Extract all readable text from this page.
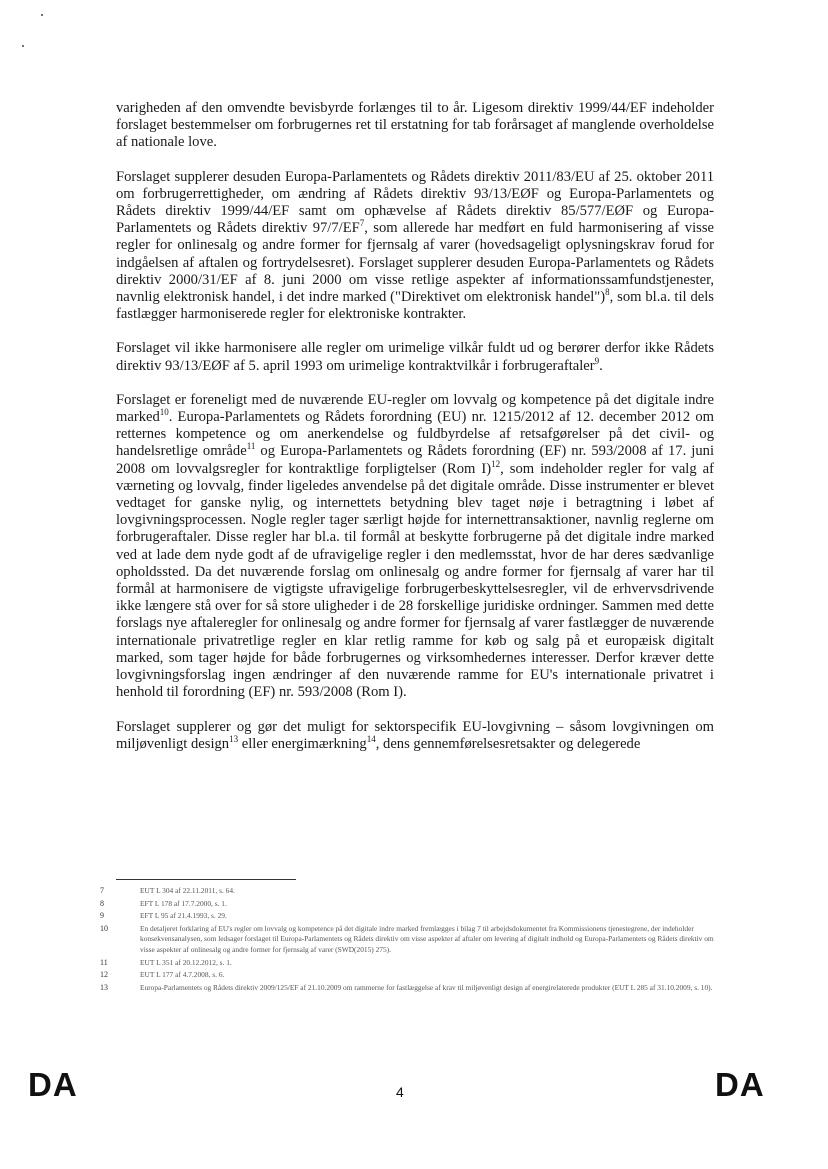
varigheden af den omvendte bevisbyrde forlænges til to år. Ligesom direktiv 1999/44/EF indeholder forslaget bestemmelser om forbrugernes ret til erstatning for tab forårsaget af manglende overholdelse af nationale love.

Forslaget supplerer desuden Europa-Parlamentets og Rådets direktiv 2011/83/EU af 25. oktober 2011 om forbrugerrettigheder, om ændring af Rådets direktiv 93/13/EØF og Europa-Parlamentets og Rådets direktiv 1999/44/EF samt om ophævelse af Rådets direktiv 85/577/EØF og Europa-Parlamentets og Rådets direktiv $97/7/EF^7$, som allerede har medført en fuld harmonisering af visse regler for onlinesalg og andre former for fjernsalg af varer (hovedsageligt oplysningskrav forud for indgåelsen af aftalen og fortrydelsesret). Forslaget supplerer desuden Europa-Parlamentets og Rådets direktiv 2000/31/EF af 8. juni 2000 om visse retlige aspekter af informationssamfundstjenester, navnlig elektronisk handel, i det indre marked ("Direktivet om elektronisk handel")$^8$, som bl.a. til dels fastlægger harmoniserede regler for elektroniske kontrakter.

Forslaget vil ikke harmonisere alle regler om urimelige vilkår fuldt ud og berører derfor ikke Rådets direktiv 93/13/EØF af 5. april 1993 om urimelige kontraktvilkår i forbrugeraftaler$^9$.

Forslaget er foreneligt med de nuværende EU-regler om lovvalg og kompetence på det digitale indre marked$^{10}$. Europa-Parlamentets og Rådets forordning (EU) nr. 1215/2012 af 12. december 2012 om retternes kompetence og om anerkendelse og fuldbyrdelse af retsafgørelser på det civil- og handelsretlige område$^{11}$ og Europa-Parlamentets og Rådets forordning (EF) nr. 593/2008 af 17. juni 2008 om lovvalgsregler for kontraktlige forpligtelser (Rom I)$^{12}$, som indeholder regler for valg af værneting og lovvalg, finder ligeledes anvendelse på det digitale område. Disse instrumenter er blevet vedtaget for ganske nylig, og internettets betydning blev taget nøje i betragtning i løbet af lovgivningsprocessen. Nogle regler tager særligt højde for internettransaktioner, navnlig reglerne om forbrugeraftaler. Disse regler har bl.a. til formål at beskytte forbrugerne på det digitale indre marked ved at lade dem nyde godt af de ufravigelige regler i den medlemsstat, hvor de har deres sædvanlige opholdssted. Da det nuværende forslag om onlinesalg og andre former for fjernsalg af varer har til formål at harmonisere de vigtigste ufravigelige forbrugerbeskyttelsesregler, vil de erhvervsdrivende ikke længere stå over for så store uligheder i de 28 forskellige juridiske ordninger. Sammen med dette forslags nye aftaleregler for onlinesalg og andre former for fjernsalg af varer fastlægger de nuværende internationale privatretlige regler en klar retlig ramme for køb og salg på et europæisk digitalt marked, som tager højde for både forbrugernes og virksomhedernes interesser. Derfor kræver dette lovgivningsforslag ingen ændringer af den nuværende ramme for EU's internationale privatret i henhold til forordning (EF) nr. 593/2008 (Rom I).

Forslaget supplerer og gør det muligt for sektorspecifik EU-lovgivning – såsom lovgivningen om miljøvenligt design$^{13}$ eller energimærkning$^{14}$, dens gennemførelsesretsakter og delegerede

7	EUT L 304 af 22.11.2011, s. 64.
8	EFT L 178 af 17.7.2000, s. 1.
9	EFT L 95 af 21.4.1993, s. 29.
10	En detaljeret forklaring af EU's regler om lovvalg og kompetence på det digitale indre marked fremlægges i bilag 7 til arbejdsdokumentet fra Kommissionens tjenestegrene, der indeholder konsekvensanalysen, som ledsager forslaget til Europa-Parlamentets og Rådets direktiv om visse aspekter af aftaler om levering af digitalt indhold og Europa-Parlamentets og Rådets direktiv om visse aspekter af onlinesalg og andre former for fjernsalg af varer (SWD(2015) 275).
11	EUT L 351 af 20.12.2012, s. 1.
12	EUT L 177 af 4.7.2008, s. 6.
13	Europa-Parlamentets og Rådets direktiv 2009/125/EF af 21.10.2009 om rammerne for fastlæggelse af krav til miljøvenligt design af energirelaterede produkter (EUT L 285 af 31.10.2009, s. 10).
DA	4	DA
